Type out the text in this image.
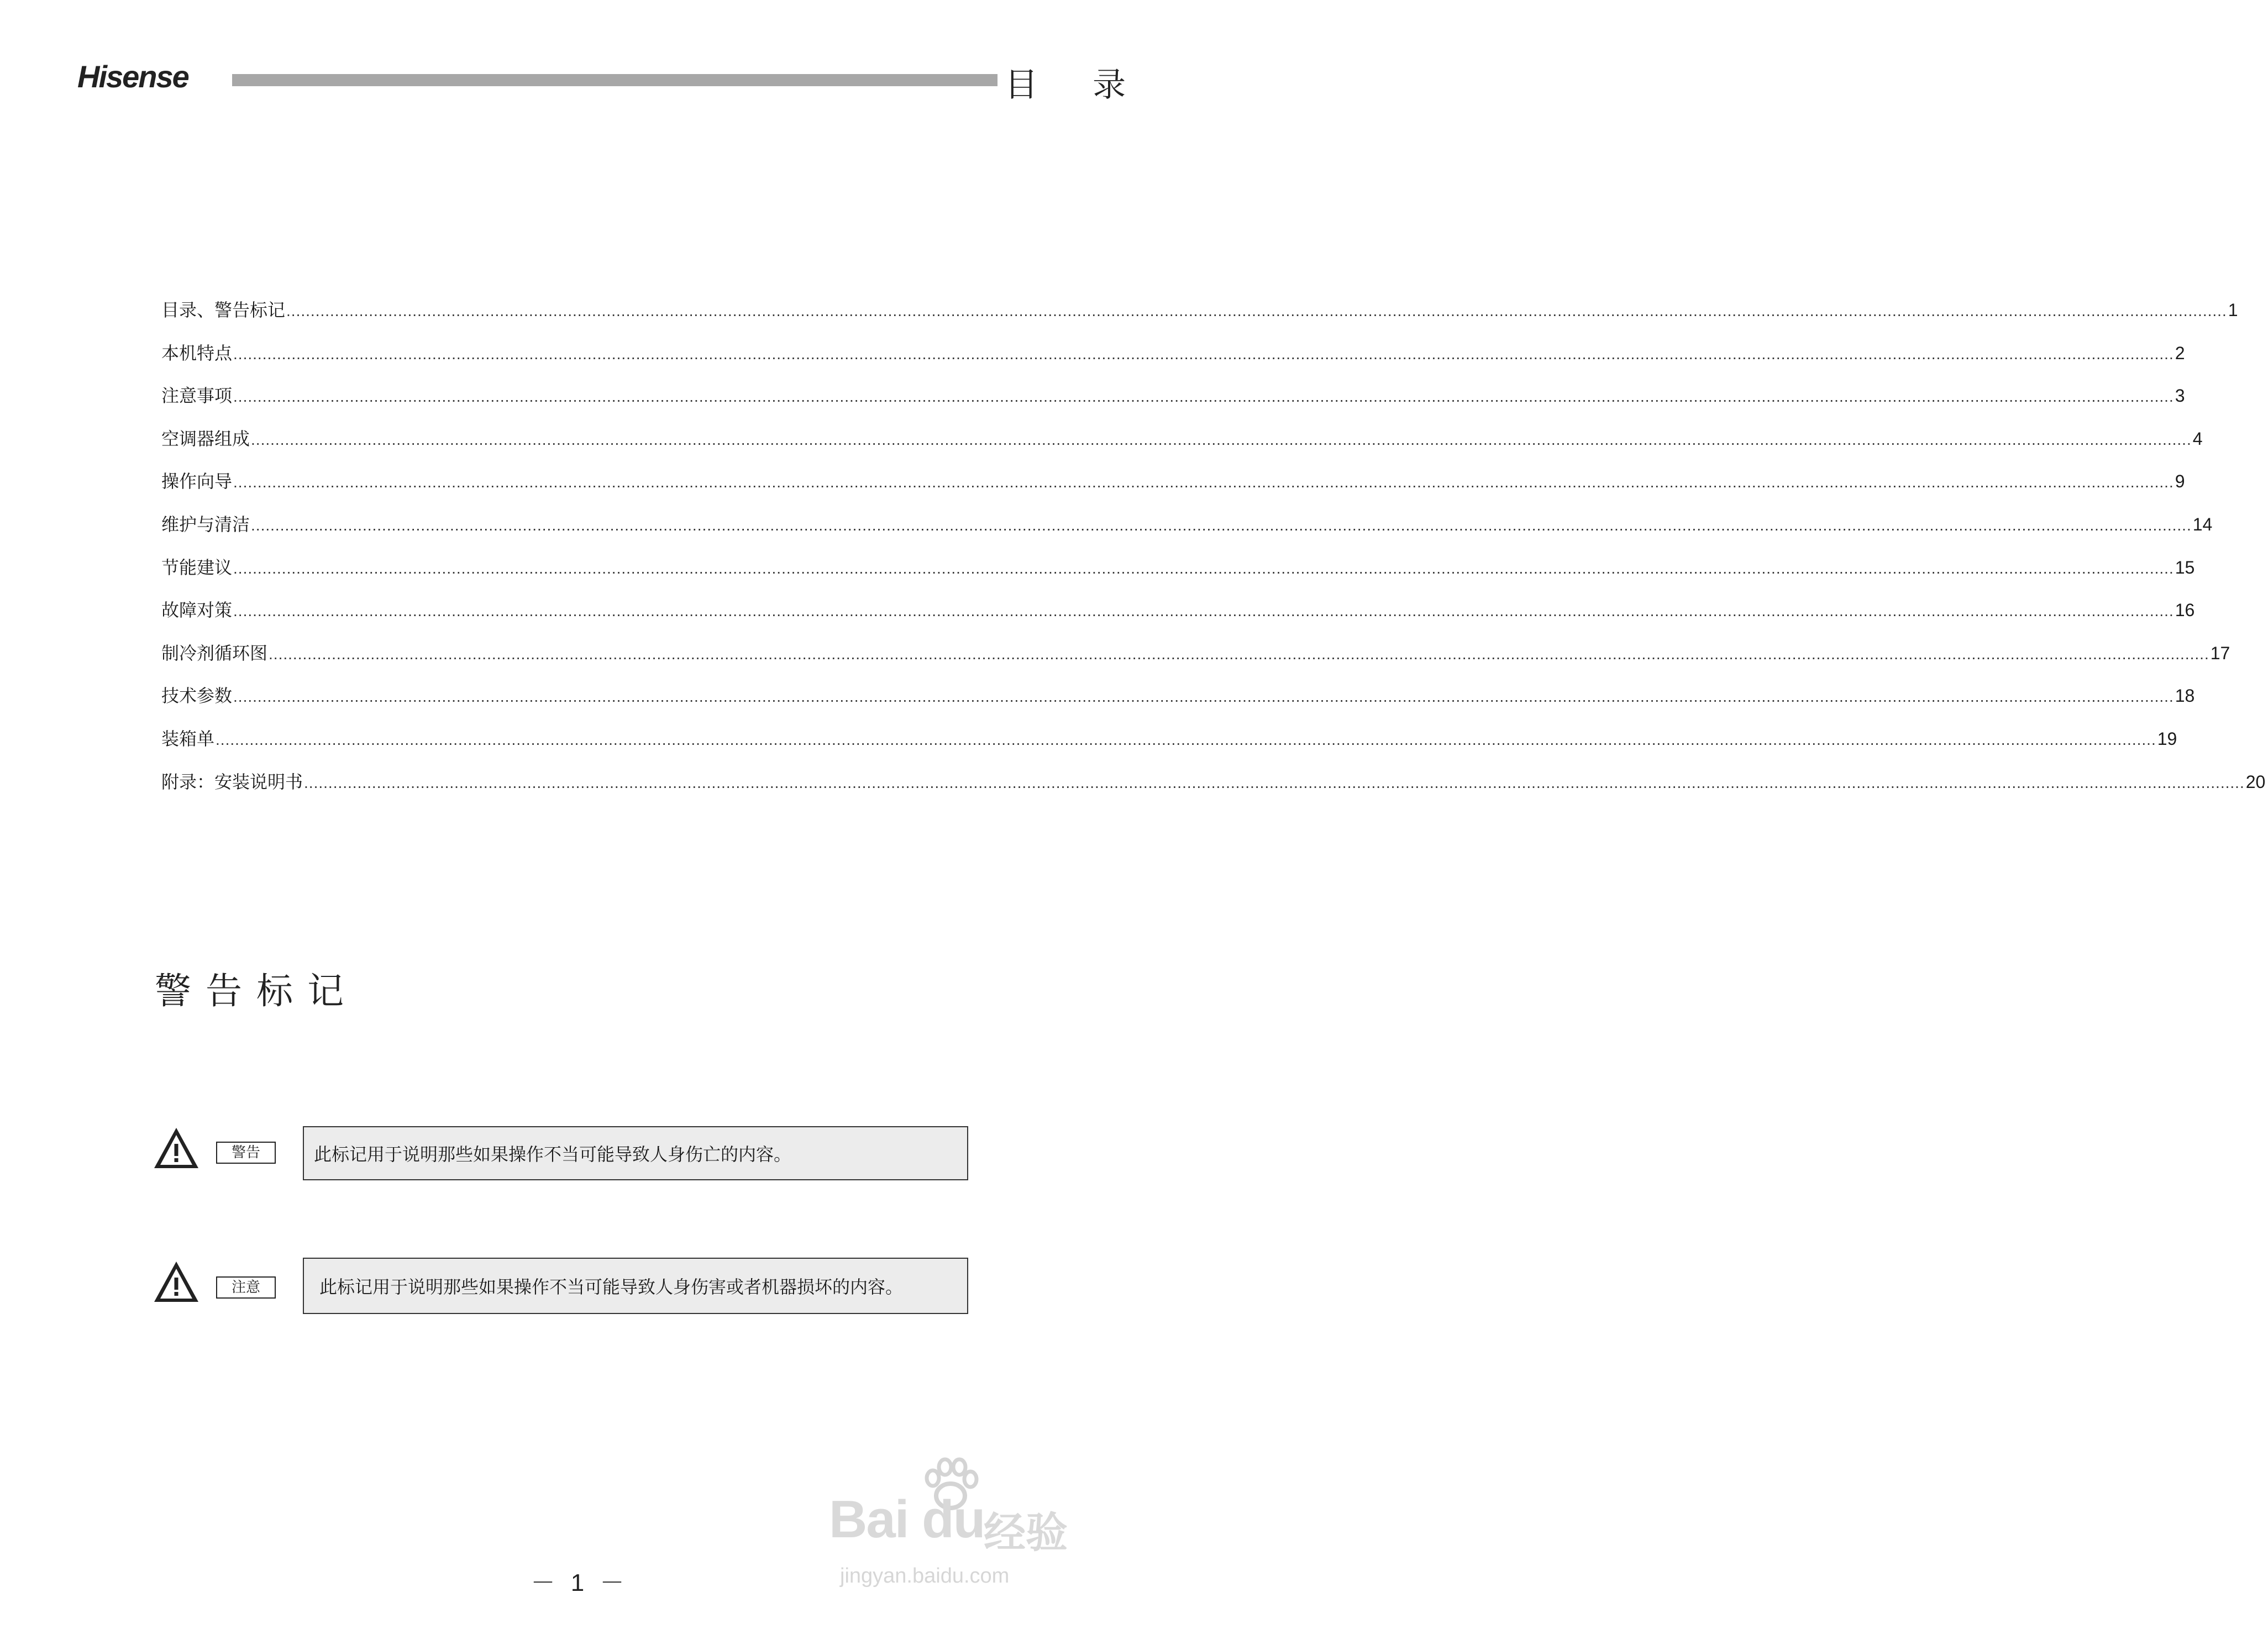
Hisense	目 录
目录、警告标记 ................................................................................................................................................................................................................................................................................................................................................................................................................ 1
本机特点 ................................................................................................................................................................................................................................................................................................................................................................................................................ 2
注意事项 ................................................................................................................................................................................................................................................................................................................................................................................................................ 3
空调器组成 ................................................................................................................................................................................................................................................................................................................................................................................................................ 4
操作向导 ................................................................................................................................................................................................................................................................................................................................................................................................................ 9
维护与清洁 ................................................................................................................................................................................................................................................................................................................................................................................................................ 14
节能建议 ................................................................................................................................................................................................................................................................................................................................................................................................................ 15
故障对策 ................................................................................................................................................................................................................................................................................................................................................................................................................ 16
制冷剂循环图 ................................................................................................................................................................................................................................................................................................................................................................................................................ 17
技术参数 ................................................................................................................................................................................................................................................................................................................................................................................................................ 18
装箱单 ................................................................................................................................................................................................................................................................................................................................................................................................................ 19
附录：安装说明书 ................................................................................................................................................................................................................................................................................................................................................................................................................ 20
警告标记
警告	此标记用于说明那些如果操作不当可能导致人身伤亡的内容。
注意	此标记用于说明那些如果操作不当可能导致人身伤害或者机器损坏的内容。
－ 1 －
Bai du
经验
jingyan.baidu.com
